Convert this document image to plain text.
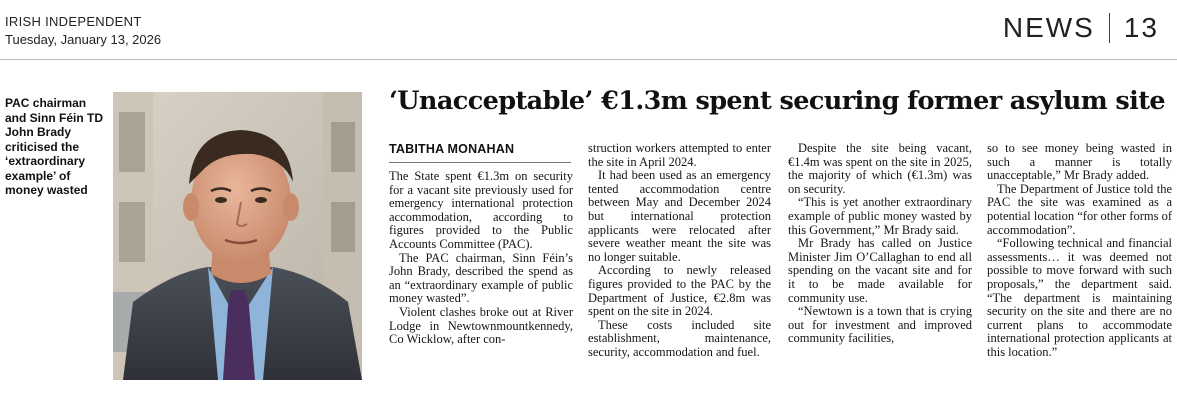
IRISH INDEPENDENT
Tuesday, January 13, 2026	NEWS 13
PAC chairman and Sinn Féin TD John Brady criticised the ‘extraordinary example’ of money wasted
‘Unacceptable’ €1.3m spent securing former asylum site
TABITHA MONAHAN

The State spent €1.3m on security for a vacant site previously used for emergency international protection accommodation, according to figures provided to the Public Accounts Committee (PAC).

The PAC chairman, Sinn Féin’s John Brady, described the spend as an “extraordinary example of public money wasted”.

Violent clashes broke out at River Lodge in Newtownmountkennedy, Co Wicklow, after con-

struction workers attempted to enter the site in April 2024.

It had been used as an emergency tented accommodation centre between May and December 2024 but international protection applicants were relocated after severe weather meant the site was no longer suitable.

According to newly released figures provided to the PAC by the Department of Justice, €2.8m was spent on the site in 2024.

These costs included site establishment, maintenance, security, accommodation and fuel.

Despite the site being vacant, €1.4m was spent on the site in 2025, the majority of which (€1.3m) was on security.

“This is yet another extraordinary example of public money wasted by this Government,” Mr Brady said.

Mr Brady has called on Justice Minister Jim O’Callaghan to end all spending on the vacant site and for it to be made available for community use.

“Newtown is a town that is crying out for investment and improved community facilities,

so to see money being wasted in such a manner is totally unacceptable,” Mr Brady added.

The Department of Justice told the PAC the site was examined as a potential location “for other forms of accommodation”.

“Following technical and financial assessments… it was deemed not possible to move forward with such proposals,” the department said. “The department is maintaining security on the site and there are no current plans to accommodate international protection applicants at this location.”
